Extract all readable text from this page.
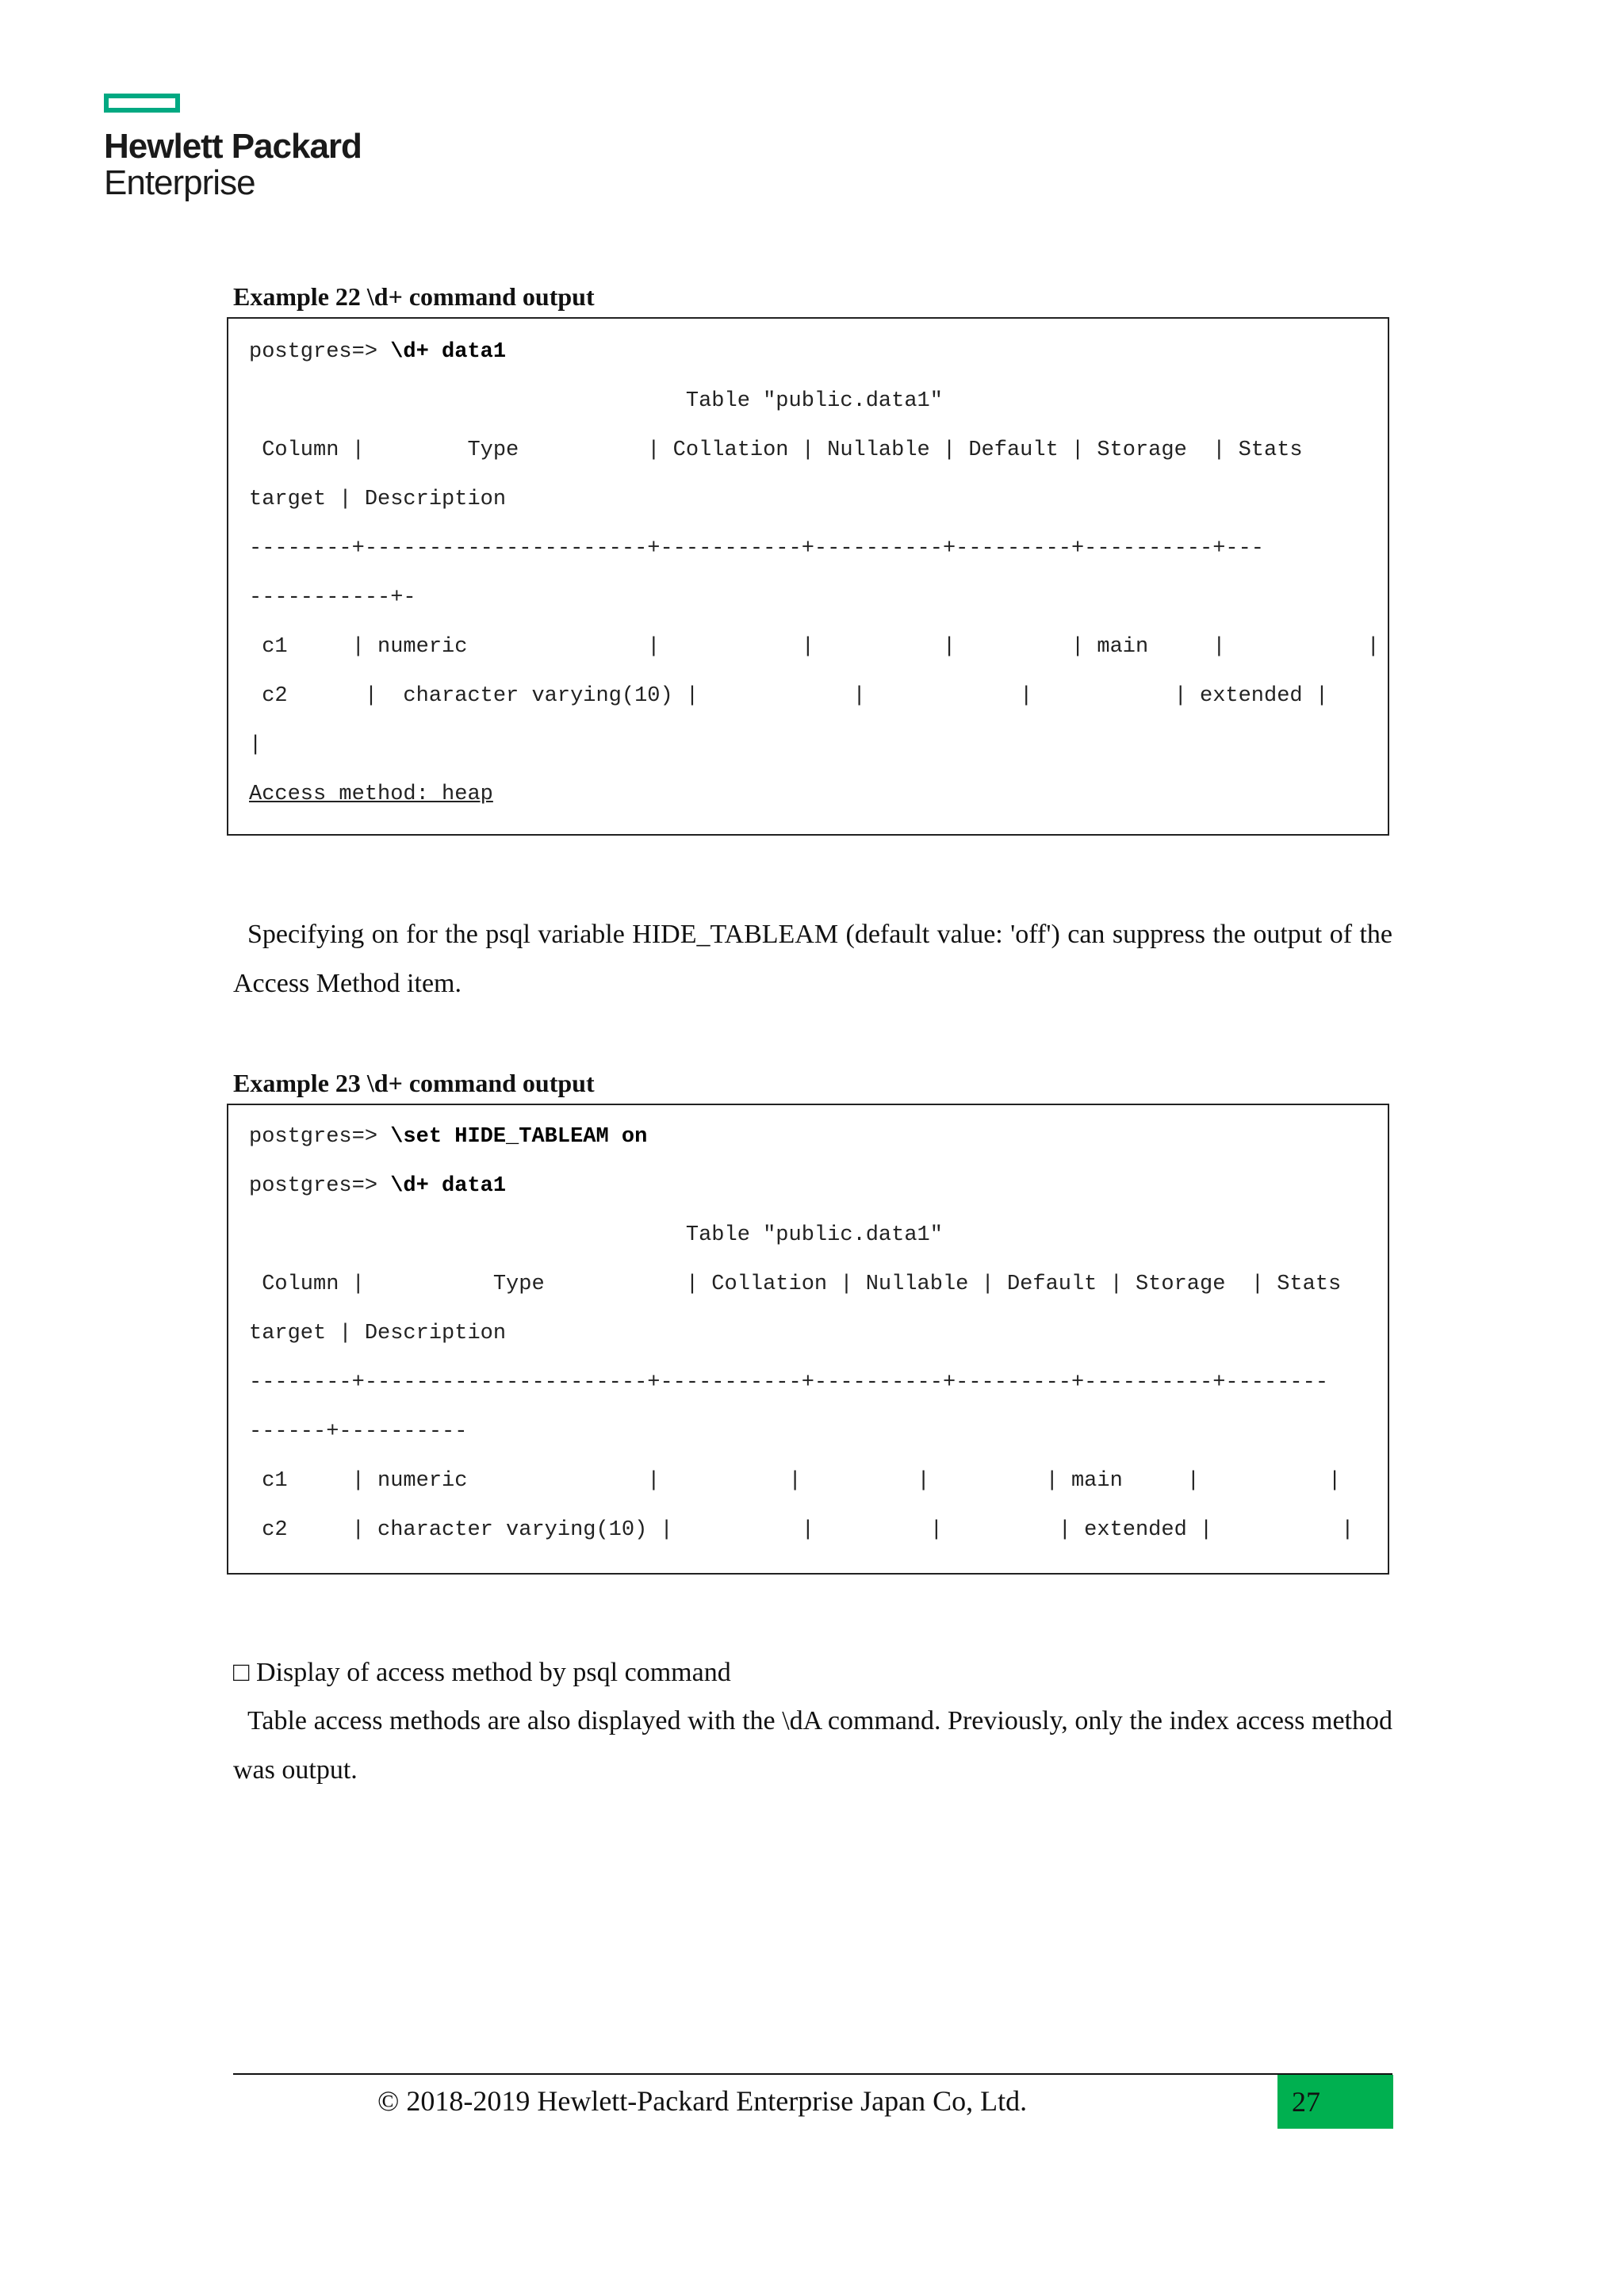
Hewlett Packard
Enterprise
Example 22 \d+ command output
postgres=> \d+ data1
Table "public.data1"
Column |        Type          | Collation | Nullable | Default | Storage  | Stats
target | Description
--------+----------------------+-----------+----------+---------+----------+---
-----------+-
c1     | numeric              |           |          |         | main     |           |
c2      |  character varying(10) |            |            |           | extended |
|
Access method: heap
Specifying on for the psql variable HIDE_TABLEAM (default value: 'off') can suppress the output of the Access Method item.
Example 23 \d+ command output
postgres=> \set HIDE_TABLEAM on
postgres=> \d+ data1
Table "public.data1"
Column |          Type           | Collation | Nullable | Default | Storage  | Stats
target | Description
--------+----------------------+-----------+----------+---------+----------+--------
------+----------
c1     | numeric              |          |         |         | main     |          |
c2     | character varying(10) |          |         |         | extended |          |
□ Display of access method by psql command
Table access methods are also displayed with the \dA command. Previously, only the index access method was output.
© 2018-2019 Hewlett-Packard Enterprise Japan Co, Ltd.	27
